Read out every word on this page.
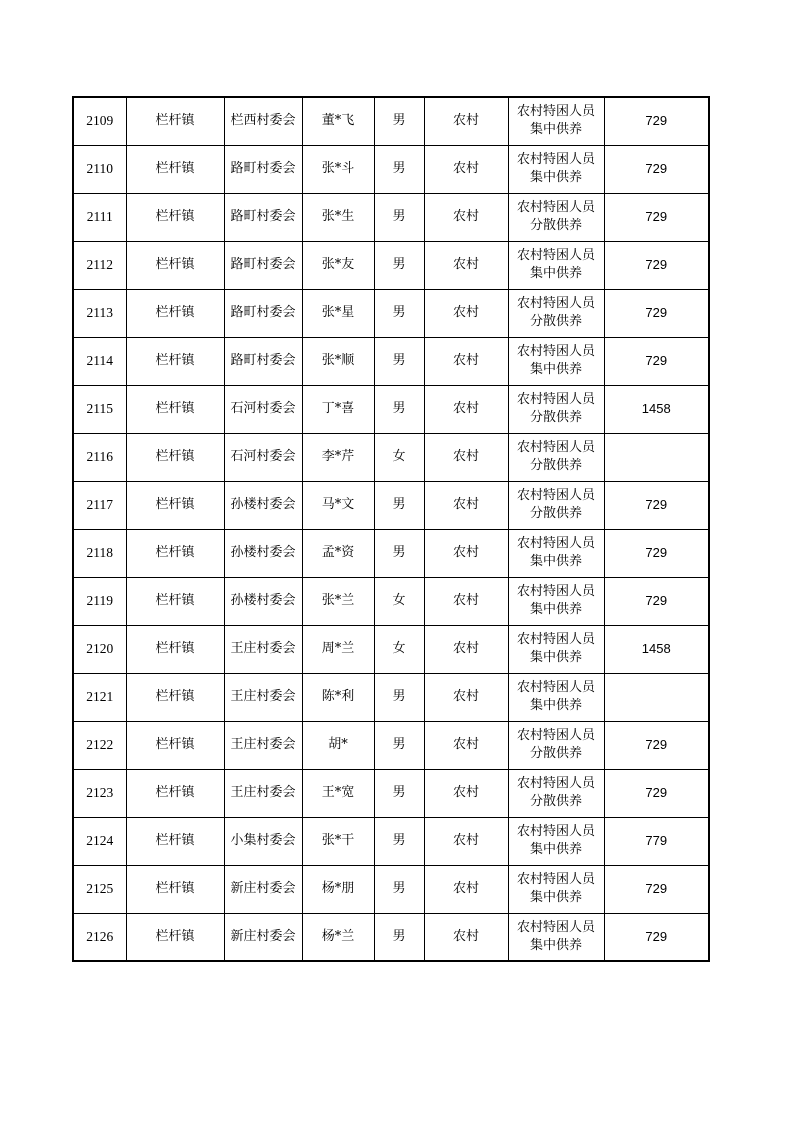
2109	栏杆镇	栏西村委会	董*飞	男	农村	农村特困人员集中供养	729
2110	栏杆镇	路町村委会	张*斗	男	农村	农村特困人员集中供养	729
2111	栏杆镇	路町村委会	张*生	男	农村	农村特困人员分散供养	729
2112	栏杆镇	路町村委会	张*友	男	农村	农村特困人员集中供养	729
2113	栏杆镇	路町村委会	张*星	男	农村	农村特困人员分散供养	729
2114	栏杆镇	路町村委会	张*顺	男	农村	农村特困人员集中供养	729
2115	栏杆镇	石河村委会	丁*喜	男	农村	农村特困人员分散供养	1458
2116	栏杆镇	石河村委会	李*芹	女	农村	农村特困人员分散供养	

2117	栏杆镇	孙楼村委会	马*文	男	农村	农村特困人员分散供养	729
2118	栏杆镇	孙楼村委会	孟*资	男	农村	农村特困人员集中供养	729
2119	栏杆镇	孙楼村委会	张*兰	女	农村	农村特困人员集中供养	729
2120	栏杆镇	王庄村委会	周*兰	女	农村	农村特困人员集中供养	1458
2121	栏杆镇	王庄村委会	陈*利	男	农村	农村特困人员集中供养	

2122	栏杆镇	王庄村委会	胡*	男	农村	农村特困人员分散供养	729
2123	栏杆镇	王庄村委会	王*宽	男	农村	农村特困人员分散供养	729
2124	栏杆镇	小集村委会	张*干	男	农村	农村特困人员集中供养	779
2125	栏杆镇	新庄村委会	杨*朋	男	农村	农村特困人员集中供养	729
2126	栏杆镇	新庄村委会	杨*兰	男	农村	农村特困人员集中供养	729
